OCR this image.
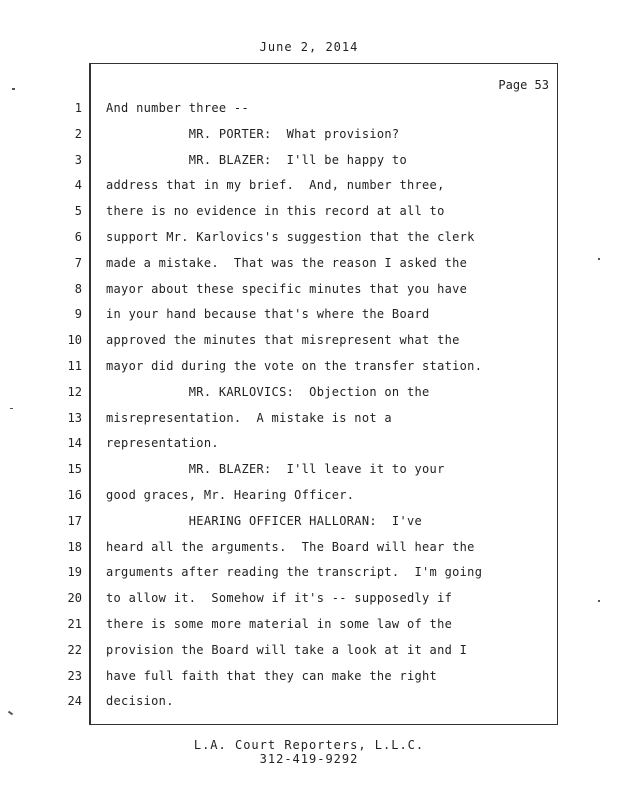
June 2, 2014
Page 53
1 And number three --
2 MR. PORTER:  What provision?
3 MR. BLAZER:  I'll be happy to
4 address that in my brief.  And, number three,
5 there is no evidence in this record at all to
6 support Mr. Karlovics's suggestion that the clerk
7 made a mistake.  That was the reason I asked the
8 mayor about these specific minutes that you have
9 in your hand because that's where the Board
10 approved the minutes that misrepresent what the
11 mayor did during the vote on the transfer station.
12 MR. KARLOVICS:  Objection on the
13 misrepresentation.  A mistake is not a
14 representation.
15 MR. BLAZER:  I'll leave it to your
16 good graces, Mr. Hearing Officer.
17 HEARING OFFICER HALLORAN:  I've
18 heard all the arguments.  The Board will hear the
19 arguments after reading the transcript.  I'm going
20 to allow it.  Somehow if it's -- supposedly if
21 there is some more material in some law of the
22 provision the Board will take a look at it and I
23 have full faith that they can make the right
24 decision.
L.A. Court Reporters, L.L.C.
312-419-9292
